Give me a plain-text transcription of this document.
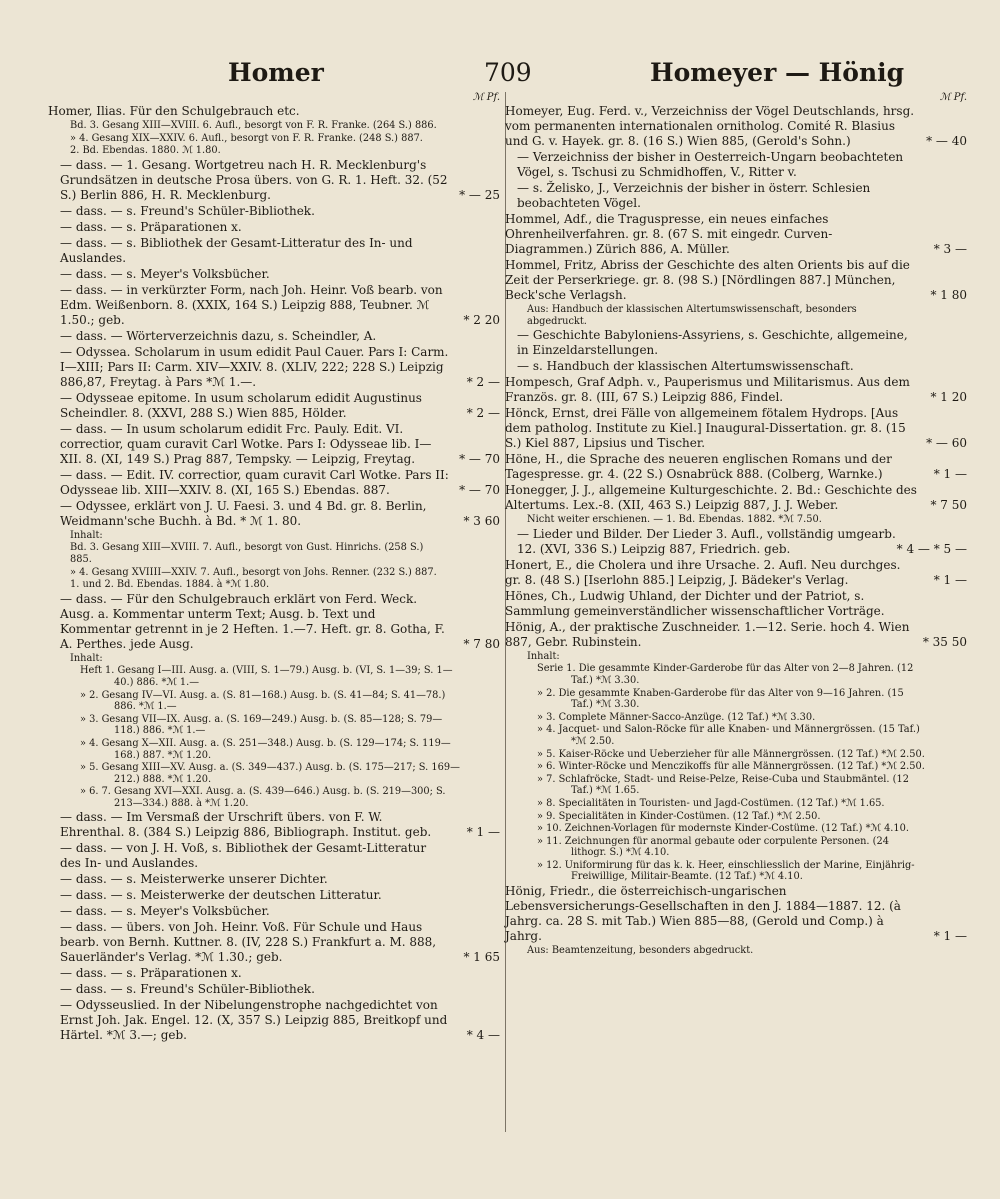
Homer	709	Homeyer — Hönig
ℳ Pf.
Homer, Ilias. Für den Schulgebrauch etc.
Bd. 3. Gesang XIII—XVIII. 6. Aufl., besorgt von F. R. Franke. (264 S.) 886.
» 4. Gesang XIX—XXIV. 6. Aufl., besorgt von F. R. Franke. (248 S.) 887.
2. Bd. Ebendas. 1880. ℳ 1.80.
— dass. — 1. Gesang. Wortgetreu nach H. R. Mecklenburg's Grundsätzen in deutsche Prosa übers. von G. R. 1. Heft. 32. (52 S.) Berlin 886, H. R. Mecklenburg.	* — 25
— dass. — s. Freund's Schüler-Bibliothek.
— dass. — s. Präparationen x.
— dass. — s. Bibliothek der Gesamt-Litteratur des In- und Auslandes.
— dass. — s. Meyer's Volksbücher.
— dass. — in verkürzter Form, nach Joh. Heinr. Voß bearb. von Edm. Weißenborn. 8. (XXIX, 164 S.) Leipzig 888, Teubner. ℳ 1.50.; geb.	* 2 20
— dass. — Wörterverzeichnis dazu, s. Scheindler, A.
— Odyssea. Scholarum in usum edidit Paul Cauer. Pars I: Carm. I—XIII; Pars II: Carm. XIV—XXIV. 8. (XLIV, 222; 228 S.) Leipzig 886,87, Freytag. à Pars *ℳ 1.—.	* 2 —
— Odysseae epitome. In usum scholarum edidit Augustinus Scheindler. 8. (XXVI, 288 S.) Wien 885, Hölder.	* 2 —
— dass. — In usum scholarum edidit Frc. Pauly. Edit. VI. correctior, quam curavit Carl Wotke. Pars I: Odysseae lib. I—XII. 8. (XI, 149 S.) Prag 887, Tempsky. — Leipzig, Freytag.	* — 70
— dass. — Edit. IV. correctior, quam curavit Carl Wotke. Pars II: Odysseae lib. XIII—XXIV. 8. (XI, 165 S.) Ebendas. 887.	* — 70
— Odyssee, erklärt von J. U. Faesi. 3. und 4 Bd. gr. 8. Berlin, Weidmann'sche Buchh. à Bd. * ℳ 1. 80.	* 3 60
Inhalt:
Bd. 3. Gesang XIII—XVIII. 7. Aufl., besorgt von Gust. Hinrichs. (258 S.) 885.
» 4. Gesang XVIIII—XXIV. 7. Aufl., besorgt von Johs. Renner. (232 S.) 887.
1. und 2. Bd. Ebendas. 1884. à *ℳ 1.80.
— dass. — Für den Schulgebrauch erklärt von Ferd. Weck. Ausg. a. Kommentar unterm Text; Ausg. b. Text und Kommentar getrennt in je 2 Heften. 1.—7. Heft. gr. 8. Gotha, F. A. Perthes. jede Ausg.	* 7 80
Inhalt:
Heft 1. Gesang I—III. Ausg. a. (VIII, S. 1—79.) Ausg. b. (VI, S. 1—39; S. 1—40.) 886. *ℳ 1.—
» 2. Gesang IV—VI. Ausg. a. (S. 81—168.) Ausg. b. (S. 41—84; S. 41—78.) 886. *ℳ 1.—
» 3. Gesang VII—IX. Ausg. a. (S. 169—249.) Ausg. b. (S. 85—128; S. 79—118.) 886. *ℳ 1.—
» 4. Gesang X—XII. Ausg. a. (S. 251—348.) Ausg. b. (S. 129—174; S. 119—168.) 887. *ℳ 1.20.
» 5. Gesang XIII—XV. Ausg. a. (S. 349—437.) Ausg. b. (S. 175—217; S. 169—212.) 888. *ℳ 1.20.
» 6. 7. Gesang XVI—XXI. Ausg. a. (S. 439—646.) Ausg. b. (S. 219—300; S. 213—334.) 888. à *ℳ 1.20.
— dass. — Im Versmaß der Urschrift übers. von F. W. Ehrenthal. 8. (384 S.) Leipzig 886, Bibliograph. Institut. geb.	* 1 —
— dass. — von J. H. Voß, s. Bibliothek der Gesamt-Litteratur des In- und Auslandes.
— dass. — s. Meisterwerke unserer Dichter.
— dass. — s. Meisterwerke der deutschen Litteratur.
— dass. — s. Meyer's Volksbücher.
— dass. — übers. von Joh. Heinr. Voß. Für Schule und Haus bearb. von Bernh. Kuttner. 8. (IV, 228 S.) Frankfurt a. M. 888, Sauerländer's Verlag. *ℳ 1.30.; geb.	* 1 65
— dass. — s. Präparationen x.
— dass. — s. Freund's Schüler-Bibliothek.
— Odysseuslied. In der Nibelungenstrophe nachgedichtet von Ernst Joh. Jak. Engel. 12. (X, 357 S.) Leipzig 885, Breitkopf und Härtel. *ℳ 3.—; geb.	* 4 —
ℳ Pf.
Homeyer, Eug. Ferd. v., Verzeichniss der Vögel Deutschlands, hrsg. vom permanenten internationalen ornitholog. Comité R. Blasius und G. v. Hayek. gr. 8. (16 S.) Wien 885, (Gerold's Sohn.)	* — 40
— Verzeichniss der bisher in Oesterreich-Ungarn beobachteten Vögel, s. Tschusi zu Schmidhoffen, V., Ritter v.
— s. Želisko, J., Verzeichnis der bisher in österr. Schlesien beobachteten Vögel.
Hommel, Adf., die Traguspresse, ein neues einfaches Ohrenheilverfahren. gr. 8. (67 S. mit eingedr. Curven-Diagrammen.) Zürich 886, A. Müller.	* 3 —
Hommel, Fritz, Abriss der Geschichte des alten Orients bis auf die Zeit der Perserkriege. gr. 8. (98 S.) [Nördlingen 887.] München, Beck'sche Verlagsh.	* 1 80
Aus: Handbuch der klassischen Altertumswissenschaft, besonders abgedruckt.
— Geschichte Babyloniens-Assyriens, s. Geschichte, allgemeine, in Einzeldarstellungen.
— s. Handbuch der klassischen Altertumswissenschaft.
Hompesch, Graf Adph. v., Pauperismus und Militarismus. Aus dem Französ. gr. 8. (III, 67 S.) Leipzig 886, Findel.	* 1 20
Hönck, Ernst, drei Fälle von allgemeinem fötalem Hydrops. [Aus dem patholog. Institute zu Kiel.] Inaugural-Dissertation. gr. 8. (15 S.) Kiel 887, Lipsius und Tischer.	* — 60
Höne, H., die Sprache des neueren englischen Romans und der Tagespresse. gr. 4. (22 S.) Osnabrück 888. (Colberg, Warnke.)	* 1 —
Honegger, J. J., allgemeine Kulturgeschichte. 2. Bd.: Geschichte des Altertums. Lex.-8. (XII, 463 S.) Leipzig 887, J. J. Weber.	* 7 50
Nicht weiter erschienen. — 1. Bd. Ebendas. 1882. *ℳ 7.50.
— Lieder und Bilder. Der Lieder 3. Aufl., vollständig umgearb. 12. (XVI, 336 S.) Leipzig 887, Friedrich. geb.	* 4 — * 5 —
Honert, E., die Cholera und ihre Ursache. 2. Aufl. Neu durchges. gr. 8. (48 S.) [Iserlohn 885.] Leipzig, J. Bädeker's Verlag.	* 1 —
Hönes, Ch., Ludwig Uhland, der Dichter und der Patriot, s. Sammlung gemeinverständlicher wissenschaftlicher Vorträge.
Hönig, A., der praktische Zuschneider. 1.—12. Serie. hoch 4. Wien 887, Gebr. Rubinstein.	* 35 50
Inhalt:
Serie 1. Die gesammte Kinder-Garderobe für das Alter von 2—8 Jahren. (12 Taf.) *ℳ 3.30.
» 2. Die gesammte Knaben-Garderobe für das Alter von 9—16 Jahren. (15 Taf.) *ℳ 3.30.
» 3. Complete Männer-Sacco-Anzüge. (12 Taf.) *ℳ 3.30.
» 4. Jacquet- und Salon-Röcke für alle Knaben- und Männergrössen. (15 Taf.) *ℳ 2.50.
» 5. Kaiser-Röcke und Ueberzieher für alle Männergrössen. (12 Taf.) *ℳ 2.50.
» 6. Winter-Röcke und Menczikoffs für alle Männergrössen. (12 Taf.) *ℳ 2.50.
» 7. Schlafröcke, Stadt- und Reise-Pelze, Reise-Cuba und Staubmäntel. (12 Taf.) *ℳ 1.65.
» 8. Specialitäten in Touristen- und Jagd-Costümen. (12 Taf.) *ℳ 1.65.
» 9. Specialitäten in Kinder-Costümen. (12 Taf.) *ℳ 2.50.
» 10. Zeichnen-Vorlagen für modernste Kinder-Costüme. (12 Taf.) *ℳ 4.10.
» 11. Zeichnungen für anormal gebaute oder corpulente Personen. (24 lithogr. S.) *ℳ 4.10.
» 12. Uniformirung für das k. k. Heer, einschliesslich der Marine, Einjährig-Freiwillige, Militair-Beamte. (12 Taf.) *ℳ 4.10.
Hönig, Friedr., die österreichisch-ungarischen Lebensversicherungs-Gesellschaften in den J. 1884—1887. 12. (à Jahrg. ca. 28 S. mit Tab.) Wien 885—88, (Gerold und Comp.) à Jahrg.	* 1 —
Aus: Beamtenzeitung, besonders abgedruckt.
